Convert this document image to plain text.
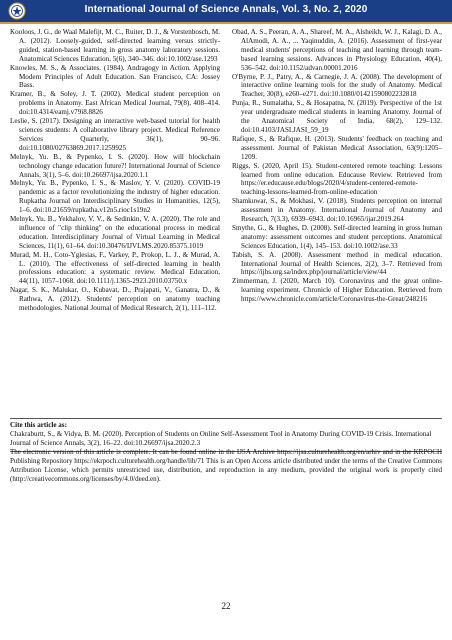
International Journal of Science Annals, Vol. 3, No. 2, 2020
Kooloos, J. G., de Waal Malefijt, M. C., Ruiter, D. J., & Vorstenbosch, M. A. (2012). Loosely-guided, self-directed learning versus strictly-guided, station-based learning in gross anatomy laboratory sessions. Anatomical Sciences Education, 5(6), 340–346. doi:10.1002/ase.1293
Knowles, M. S., & Associates. (1984). Andragogy in Action. Applying Modern Principles of Adult Education. San Francisco, CA: Jossey Bass.
Kramer, B., & Soley, J. T. (2002). Medical student perception on problems in Anatomy. East African Medical Journal, 79(8), 408–414. doi:10.4314/eamj.v79i8.8826
Leslie, S. (2017). Designing an interactive web-based tutorial for health sciences students: A collaborative library project. Medical Reference Services Quarterly, 36(1), 90–96. doi:10.1080/02763869.2017.1259925
Melnyk, Yu. B., & Pypenko, I. S. (2020). How will blockchain technology change education future?! International Journal of Science Annals, 3(1), 5–6. doi:10.26697/ijsa.2020.1.1
Melnyk, Yu. B., Pypenko, I. S., & Maslov, Y. V. (2020). COVID-19 pandemic as a factor revolutionizing the industry of higher education. Rupkatha Journal on Interdisciplinary Studies in Humanities, 12(5), 1–6. doi:10.21659/rupkatha.v12n5.rioc1s19n2
Melnyk, Yu. B., Yekhalov, V. V., & Sedinkin, V. A. (2020). The role and influence of "clip thinking" on the educational process in medical education. Interdisciplinary Journal of Virtual Learning in Medical Sciences, 11(1), 61–64. doi:10.30476/IJVLMS.2020.85375.1019
Murad, M. H., Coto-Yglesias, F., Varkey, P., Prokop, L. J., & Murad, A. L. (2010). The effectiveness of self-directed learning in health professions education: a systematic review. Medical Education, 44(11), 1057–1068. doi:10.1111/j.1365-2923.2010.03750.x
Nagar, S. K., Malukar, O., Kubavat, D., Prajapati, V., Ganatra, D., & Rathwa, A. (2012). Students' perception on anatomy teaching methodologies. National Journal of Medical Research, 2(1), 111–112.
Obad, A. S., Peeran, A. A., Shareef, M. A., Alsheikh, W. J., Kalagi, D. A., AlAmodi, A. A., ... Yaqinuddin, A. (2016). Assessment of first-year medical students' perceptions of teaching and learning through team-based learning sessions. Advances in Physiology Education, 40(4), 536–542. doi:10.1152/advan.00001.2016
O'Byrne, P. J., Patry, A., & Carnegie, J. A. (2008). The development of interactive online learning tools for the study of Anatomy. Medical Teacher, 30(8), e260–e271. doi:10.1080/01421590802232818
Punja, R., Sumalatha, S., & Hosapatna, N. (2019). Perspective of the 1st year undergraduate medical students in learning Anatomy. Journal of the Anatomical Society of India, 68(2), 129–132. doi:10.4103/JASI.JASI_59_19
Rafique, S., & Rafique, H. (2013). Students' feedback on teaching and assessment. Journal of Pakistan Medical Association, 63(9):1205–1209.
Riggs, S. (2020, April 15). Student-centered remote teaching: Lessons learned from online education. Educause Review. Retrieved from https://er.educause.edu/blogs/2020/4/student-centered-remote-teaching-lessons-learned-from-online-education
Shamkuwar, S., & Mokhasi, V. (2018). Students perception on internal assessment in Anatomy. International Journal of Anatomy and Research, 7(3.3), 6939–6943. doi:10.16965/ijar.2019.264
Smythe, G., & Hughes, D. (2008). Self-directed learning in gross human anatomy: assessment outcomes and student perceptions. Anatomical Sciences Education, 1(4), 145–153. doi:10.1002/ase.33
Tabish, S. A. (2008). Assessment method in medical education. International Journal of Health Sciences, 2(2), 3–7. Retrieved from https://ijhs.org.sa/index.php/journal/article/view/44
Zimmerman, J. (2020, March 10). Coronavirus and the great online-learning experiment. Chronicle of Higher Education. Retrieved from https://www.chronicle.com/article/Coronavirus-the-Great/248216
Cite this article as:
Chakraburtt, S., & Vidya, B. M. (2020). Perception of Students on Online Self-Assessment Tool in Anatomy During COVID-19 Crisis. International Journal of Science Annals, 3(2), 16–22. doi:10.26697/ijsa.2020.2.3
The electronic version of this article is complete. It can be found online in the IJSA Archive https://ijsa.culturehealth.org/en/arhiv and in the KRPOCH Publishing Repository https://ekrpoch.culturehealth.org/handle/lib/71 This is an Open Access article distributed under the terms of the Creative Commons Attribution License, which permits unrestricted use, distribution, and reproduction in any medium, provided the original work is properly cited (http://creativecommons.org/licenses/by/4.0/deed.en).
22
